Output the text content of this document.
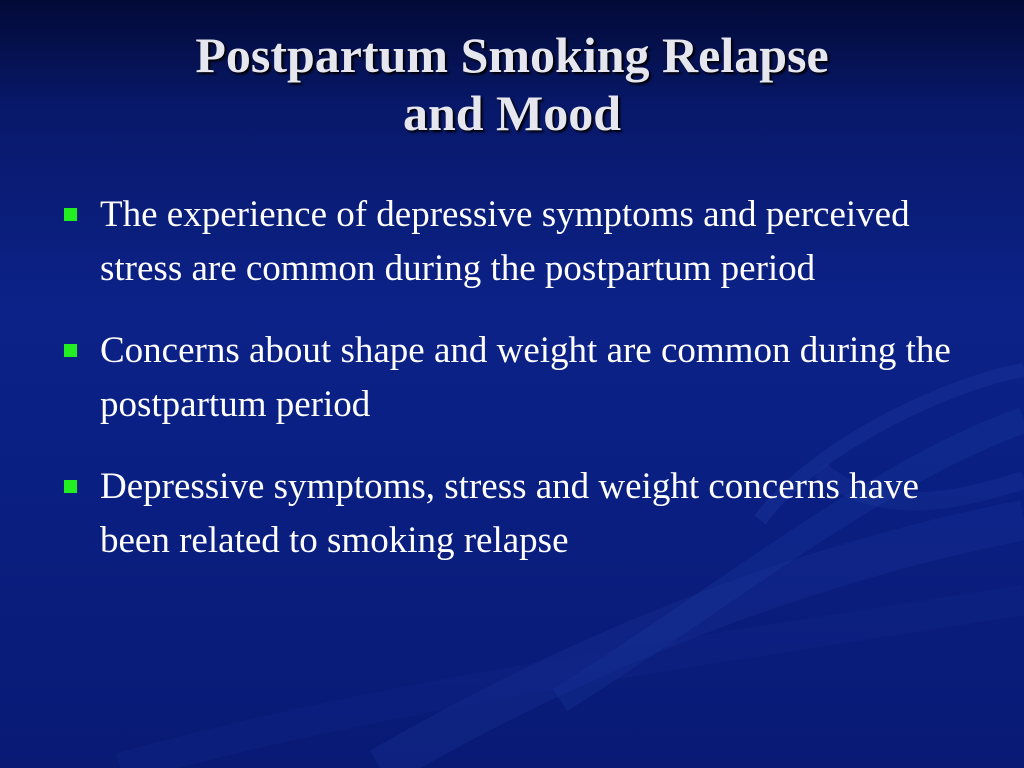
Postpartum Smoking Relapse
and Mood
The experience of depressive symptoms and perceived stress are common during the postpartum period
Concerns about shape and weight are common during the postpartum period
Depressive symptoms, stress and weight concerns have been related to smoking relapse
